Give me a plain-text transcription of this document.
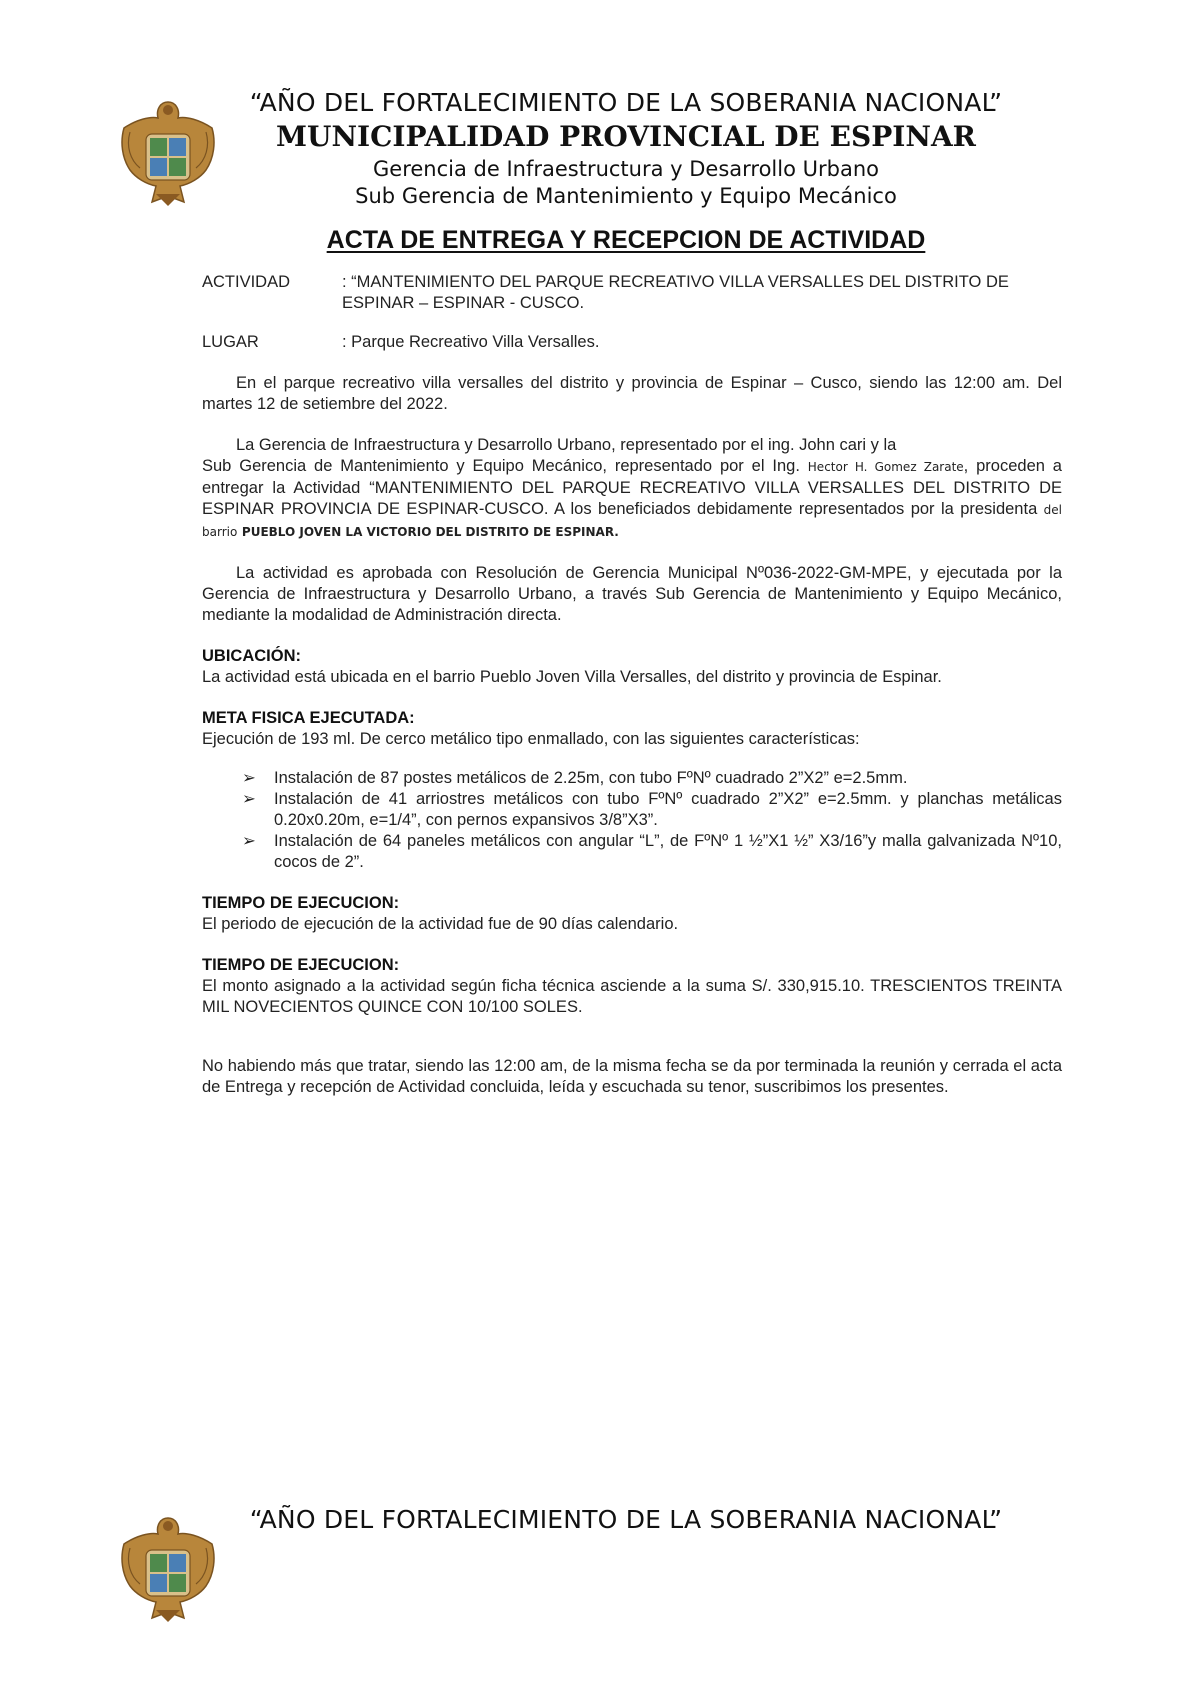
“AÑO DEL FORTALECIMIENTO DE LA SOBERANIA NACIONAL”
MUNICIPALIDAD PROVINCIAL DE ESPINAR
Gerencia de Infraestructura y Desarrollo Urbano
Sub Gerencia de Mantenimiento y Equipo Mecánico
ACTA DE ENTREGA Y RECEPCION DE ACTIVIDAD
ACTIVIDAD	: “MANTENIMIENTO DEL PARQUE RECREATIVO VILLA VERSALLES DEL DISTRITO DE ESPINAR – ESPINAR - CUSCO.
LUGAR	: Parque Recreativo Villa Versalles.

En el parque recreativo villa versalles del distrito y provincia de Espinar – Cusco, siendo las 12:00 am. Del martes 12 de setiembre del 2022.

La Gerencia de Infraestructura y Desarrollo Urbano, representado por el ing. John cari y la

Sub Gerencia de Mantenimiento y Equipo Mecánico, representado por el Ing. Hector H. Gomez Zarate, proceden a entregar la Actividad “MANTENIMIENTO DEL PARQUE RECREATIVO VILLA VERSALLES DEL DISTRITO DE ESPINAR PROVINCIA DE ESPINAR-CUSCO. A los beneficiados debidamente representados por la presidenta del barrio PUEBLO JOVEN LA VICTORIO DEL DISTRITO DE ESPINAR.

La actividad es aprobada con Resolución de Gerencia Municipal Nº036-2022-GM-MPE, y ejecutada por la Gerencia de Infraestructura y Desarrollo Urbano, a través Sub Gerencia de Mantenimiento y Equipo Mecánico, mediante la modalidad de Administración directa.

UBICACIÓN:

La actividad está ubicada en el barrio Pueblo Joven Villa Versalles, del distrito y provincia de Espinar.

META FISICA EJECUTADA:

Ejecución de 193 ml. De cerco metálico tipo enmallado, con las siguientes características:

➢ Instalación de 87 postes metálicos de 2.25m, con tubo FºNº cuadrado 2”X2” e=2.5mm.
➢ Instalación de 41 arriostres metálicos con tubo FºNº cuadrado 2”X2” e=2.5mm. y planchas metálicas 0.20x0.20m, e=1/4”, con pernos expansivos 3/8”X3”.
➢ Instalación de 64 paneles metálicos con angular “L”, de FºNº 1 ½”X1 ½” X3/16”y malla galvanizada Nº10, cocos de 2”.

TIEMPO DE EJECUCION:

El periodo de ejecución de la actividad fue de 90 días calendario.

TIEMPO DE EJECUCION:

El monto asignado a la actividad según ficha técnica asciende a la suma S/. 330,915.10. TRESCIENTOS TREINTA MIL NOVECIENTOS QUINCE CON 10/100 SOLES.

No habiendo más que tratar, siendo las 12:00 am, de la misma fecha se da por terminada la reunión y cerrada el acta de Entrega y recepción de Actividad concluida, leída y escuchada su tenor, suscribimos los presentes.

“AÑO DEL FORTALECIMIENTO DE LA SOBERANIA NACIONAL”
